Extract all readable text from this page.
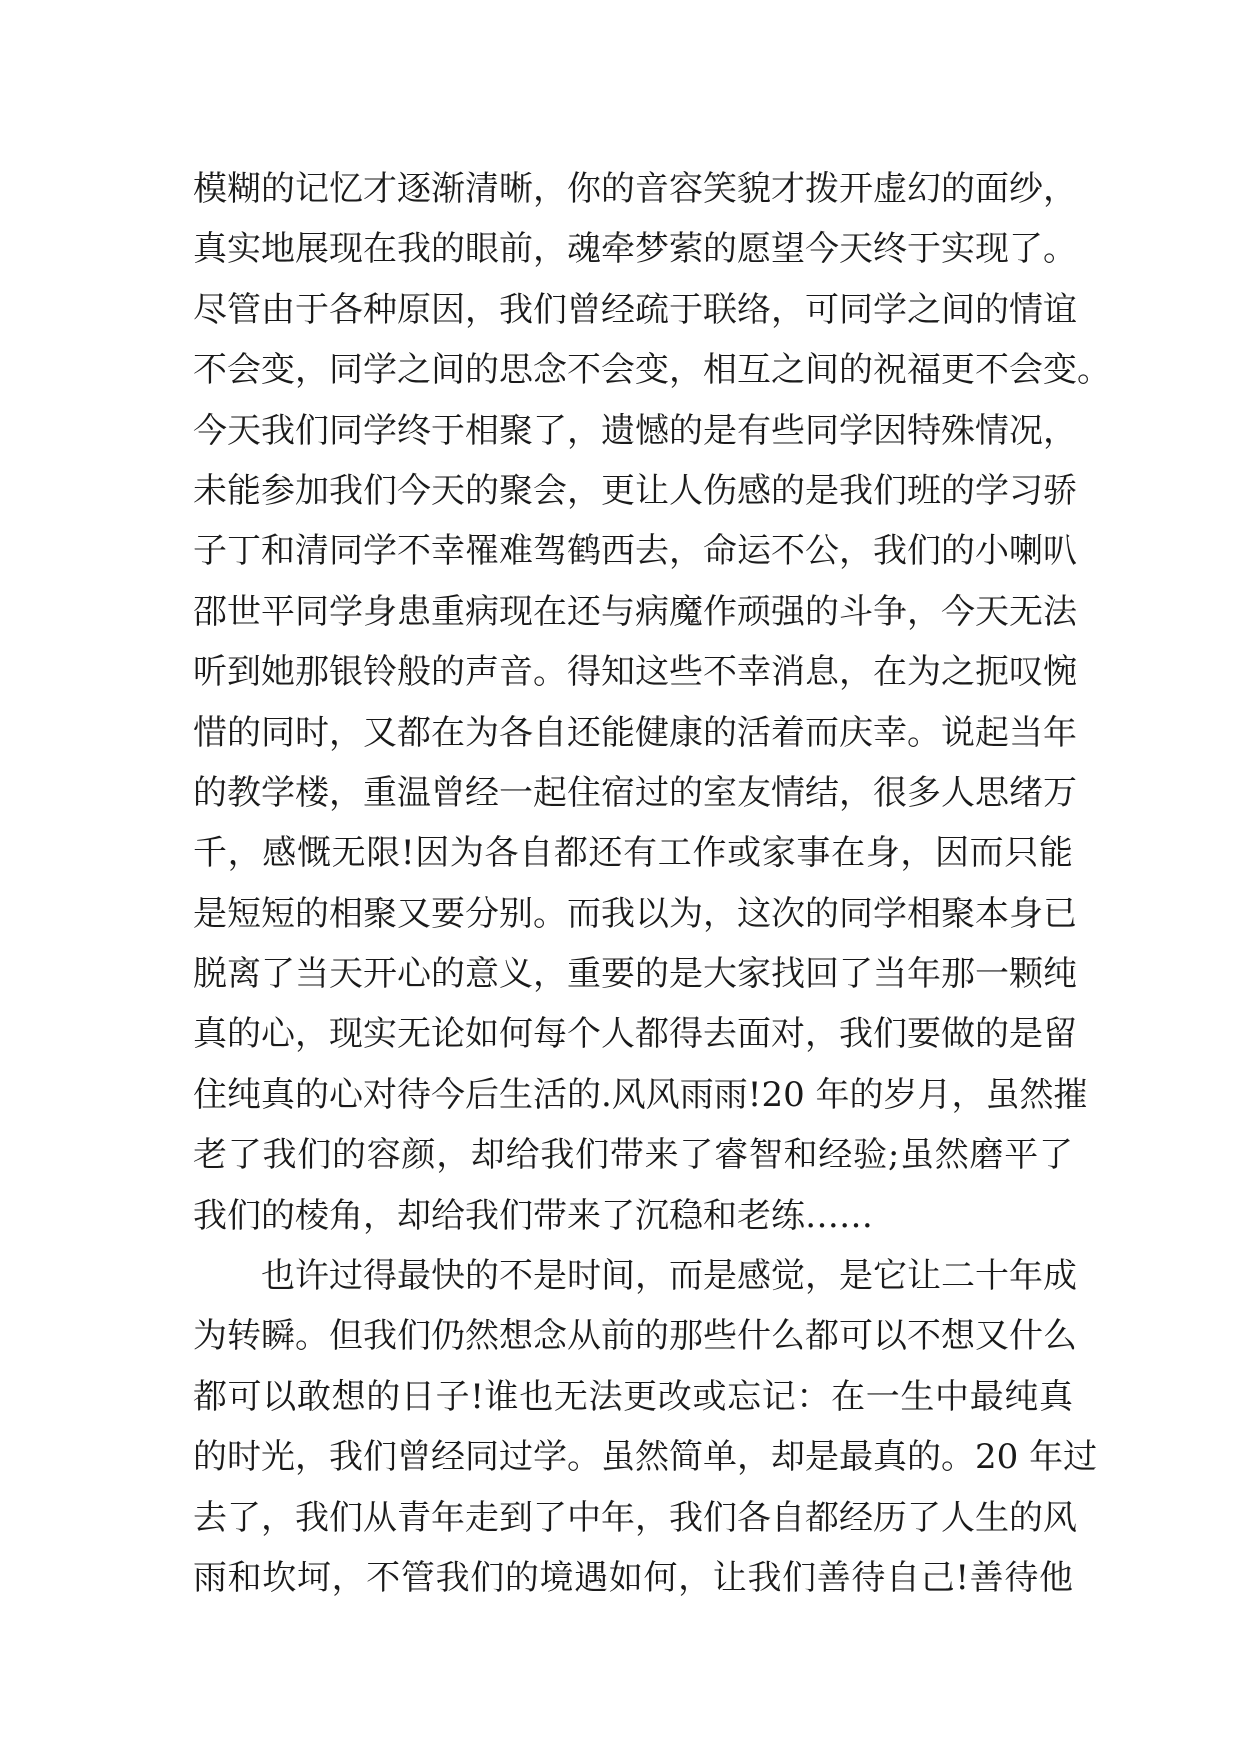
模糊的记忆才逐渐清晰，你的音容笑貌才拨开虚幻的面纱，
真实地展现在我的眼前，魂牵梦萦的愿望今天终于实现了。
尽管由于各种原因，我们曾经疏于联络，可同学之间的情谊
不会变，同学之间的思念不会变，相互之间的祝福更不会变。
今天我们同学终于相聚了，遗憾的是有些同学因特殊情况，
未能参加我们今天的聚会，更让人伤感的是我们班的学习骄
子丁和清同学不幸罹难驾鹤西去，命运不公，我们的小喇叭
邵世平同学身患重病现在还与病魔作顽强的斗争，今天无法
听到她那银铃般的声音。得知这些不幸消息，在为之扼叹惋
惜的同时，又都在为各自还能健康的活着而庆幸。说起当年
的教学楼，重温曾经一起住宿过的室友情结，很多人思绪万
千，感慨无限!因为各自都还有工作或家事在身，因而只能
是短短的相聚又要分别。而我以为，这次的同学相聚本身已
脱离了当天开心的意义，重要的是大家找回了当年那一颗纯
真的心，现实无论如何每个人都得去面对，我们要做的是留
住纯真的心对待今后生活的.风风雨雨!20 年的岁月，虽然摧
老了我们的容颜，却给我们带来了睿智和经验;虽然磨平了
我们的棱角，却给我们带来了沉稳和老练……
也许过得最快的不是时间，而是感觉，是它让二十年成
为转瞬。但我们仍然想念从前的那些什么都可以不想又什么
都可以敢想的日子!谁也无法更改或忘记：在一生中最纯真
的时光，我们曾经同过学。虽然简单，却是最真的。20 年过
去了，我们从青年走到了中年，我们各自都经历了人生的风
雨和坎坷，不管我们的境遇如何，让我们善待自己!善待他
